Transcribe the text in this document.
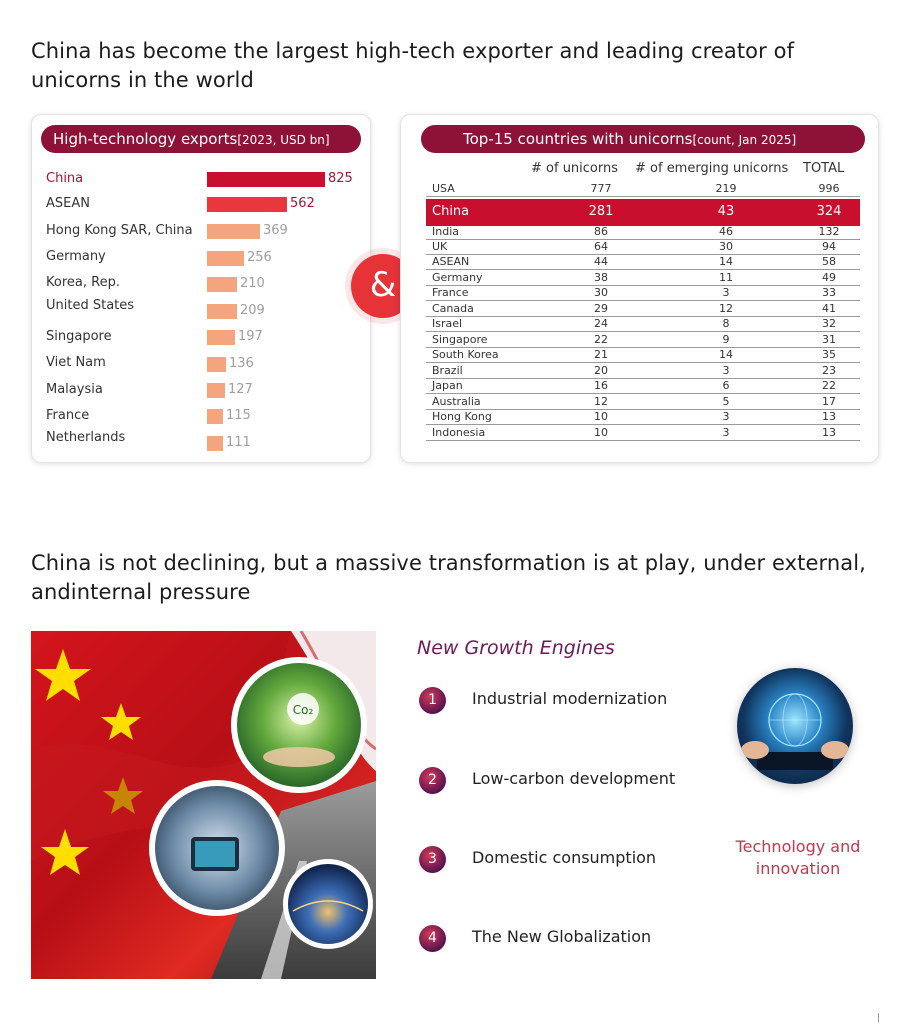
China has become the largest high-tech exporter and leading creator of unicorns in the world
High-technology exports[2023, USD bn]
China	825
ASEAN	562
Hong Kong SAR, China	369
Germany	256
Korea, Rep.	210
United States	209
Singapore	197
Viet Nam	136
Malaysia	127
France	115
Netherlands	111
&
Top-15 countries with unicorns[count, Jan 2025]
# of unicorns # of emerging unicorns TOTAL
USA	777	219	996
China	281	43	324
India	86	46	132
UK	64	30	94
ASEAN	44	14	58
Germany	38	11	49
France	30	3	33
Canada	29	12	41
Israel	24	8	32
Singapore	22	9	31
South Korea	21	14	35
Brazil	20	3	23
Japan	16	6	22
Australia	12	5	17
Hong Kong	10	3	13
Indonesia	10	3	13
China is not declining, but a massive transformation is at play, under external, andinternal pressure
Co₂
New Growth Engines
1	Industrial modernization
2	Low-carbon development
3	Domestic consumption
4	The New Globalization
Technology and innovation
